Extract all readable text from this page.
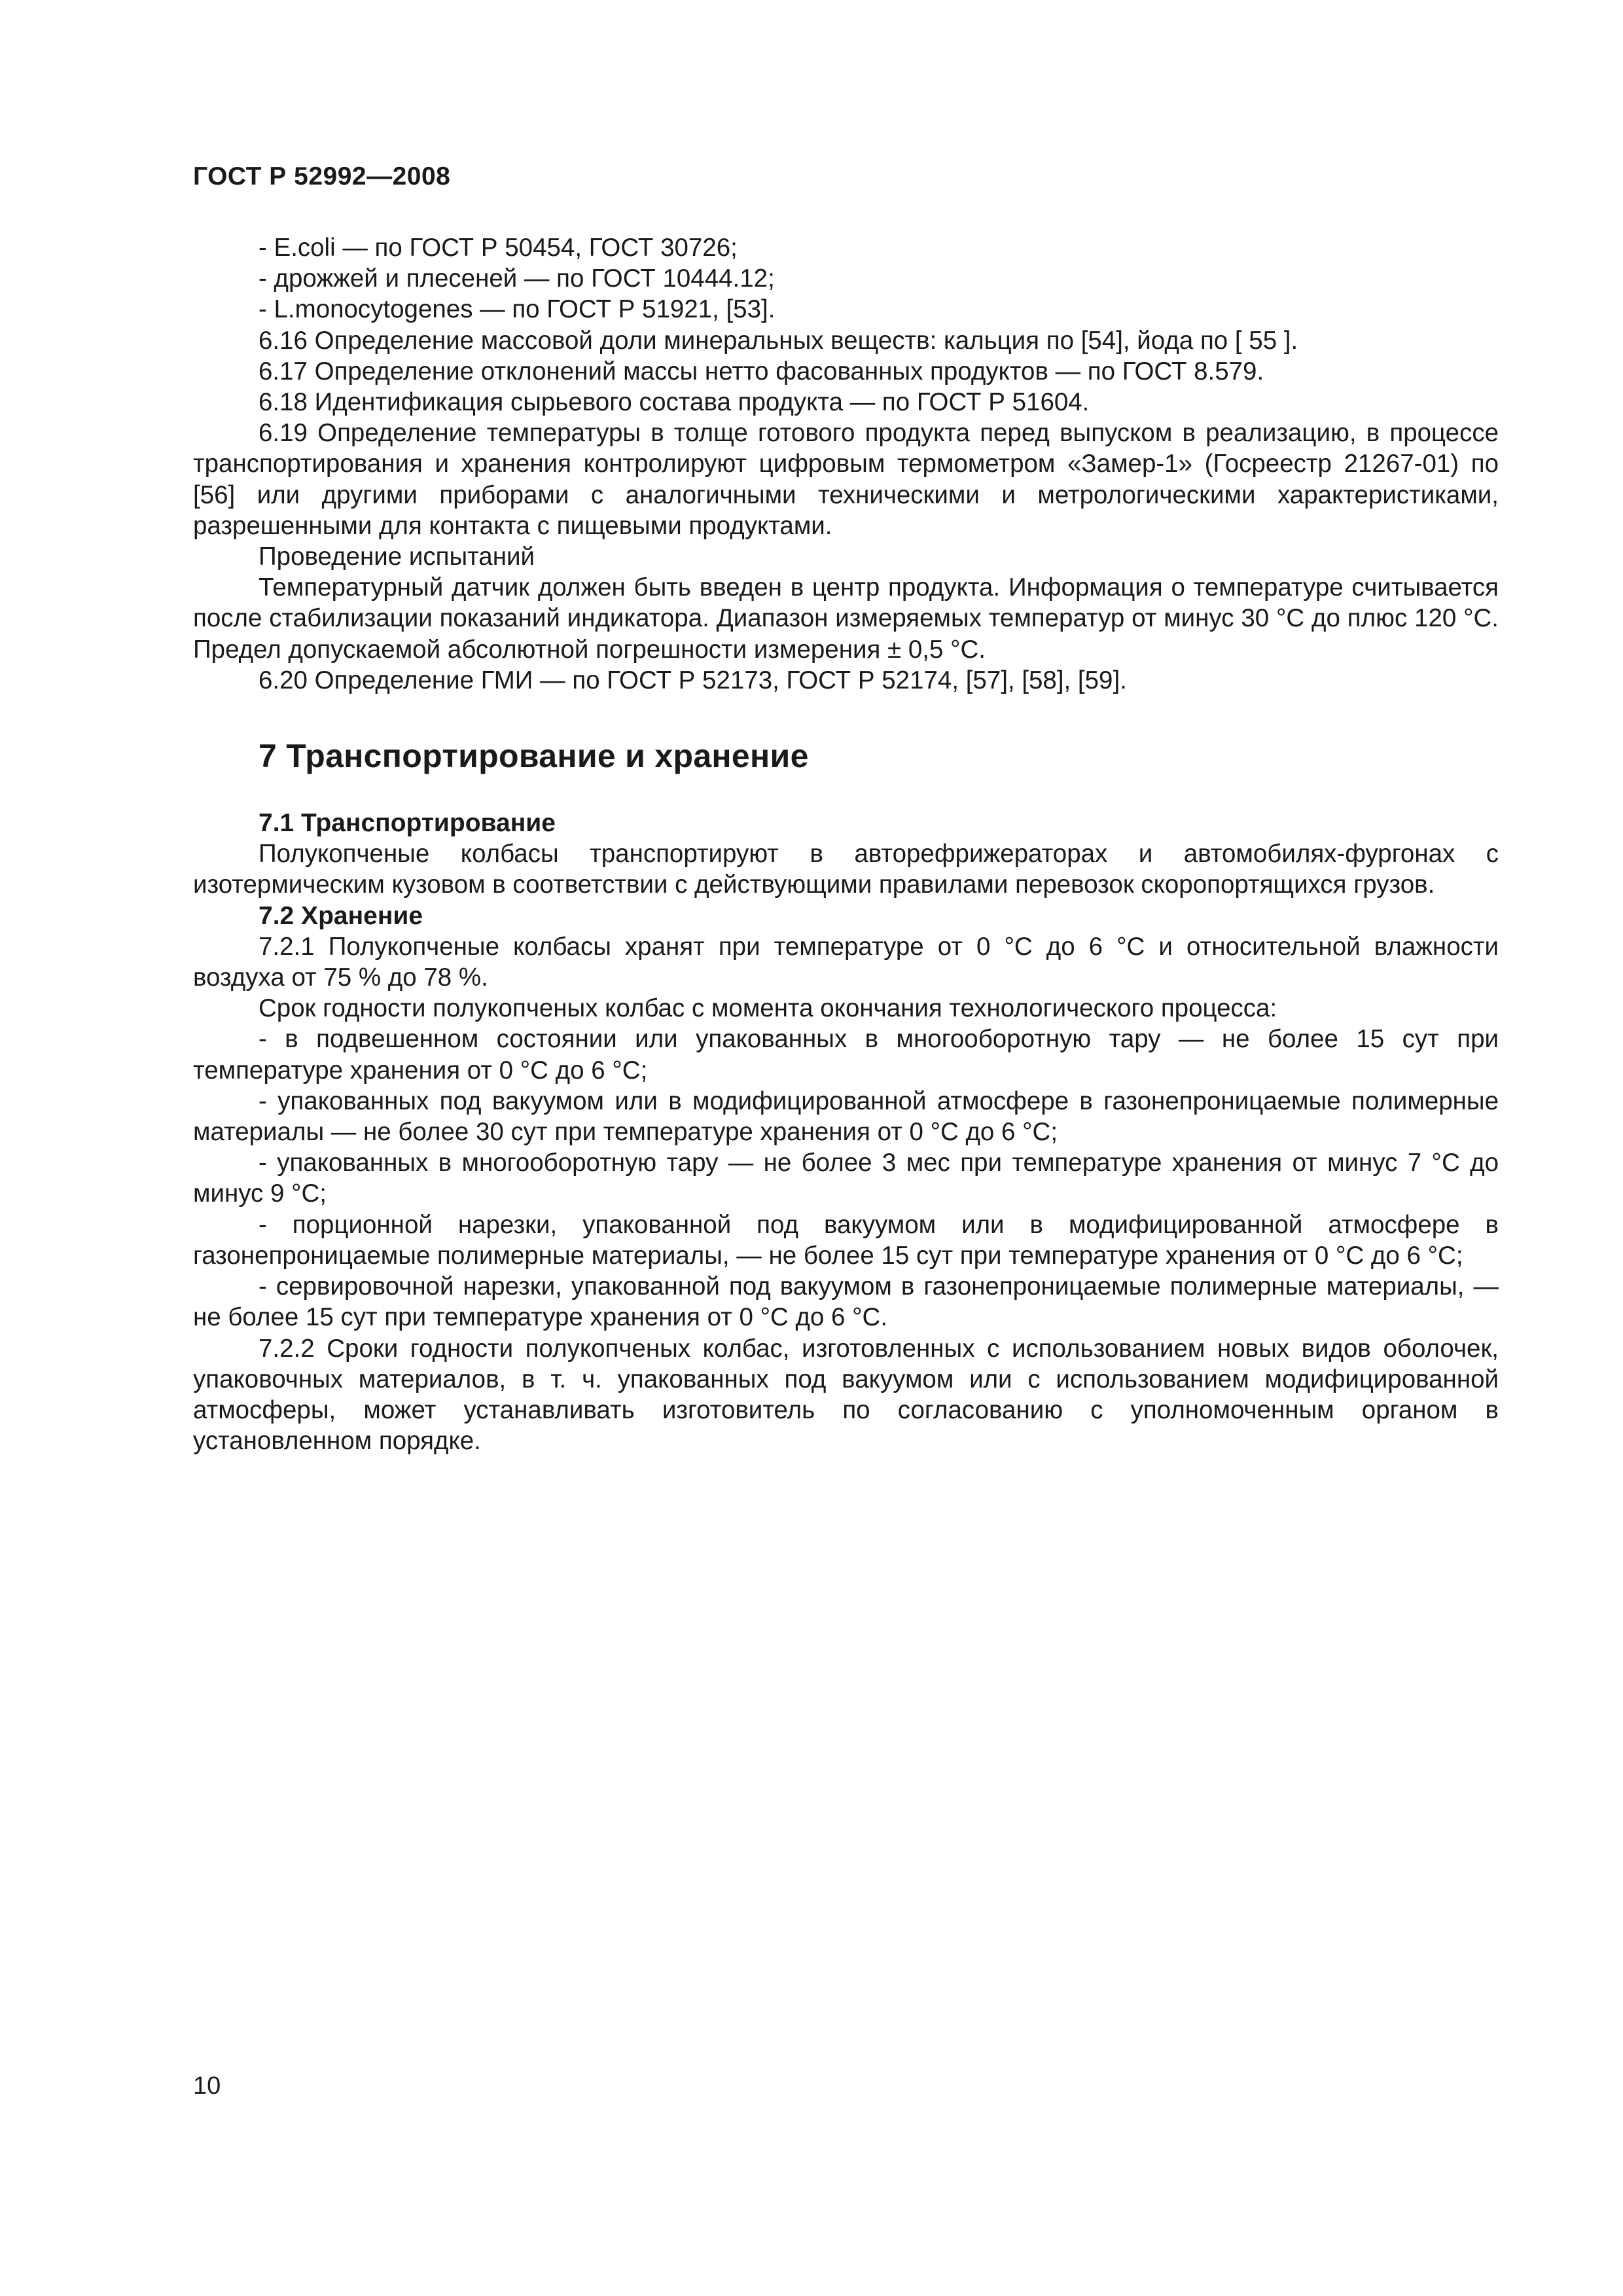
ГОСТ Р 52992—2008

- E.coli — по ГОСТ Р 50454, ГОСТ 30726;

- дрожжей и плесеней — по ГОСТ 10444.12;

- L.monocytogenes — по ГОСТ Р 51921, [53].

6.16 Определение массовой доли минеральных веществ: кальция по [54], йода по [ 55 ].

6.17 Определение отклонений массы нетто фасованных продуктов — по ГОСТ 8.579.

6.18 Идентификация сырьевого состава продукта — по ГОСТ Р 51604.

6.19 Определение температуры в толще готового продукта перед выпуском в реализацию, в процессе транспортирования и хранения контролируют цифровым термометром «Замер-1» (Госреестр 21267-01) по [56] или другими приборами с аналогичными техническими и метрологическими характеристиками, разрешенными для контакта с пищевыми продуктами.

Проведение испытаний

Температурный датчик должен быть введен в центр продукта. Информация о температуре считывается после стабилизации показаний индикатора. Диапазон измеряемых температур от минус 30 °С до плюс 120 °С. Предел допускаемой абсолютной погрешности измерения ± 0,5 °С.

6.20 Определение ГМИ — по ГОСТ Р 52173, ГОСТ Р 52174, [57], [58], [59].

7 Транспортирование и хранение
7.1 Транспортирование

Полукопченые колбасы транспортируют в авторефрижераторах и автомобилях-фургонах с изотермическим кузовом в соответствии с действующими правилами перевозок скоропортящихся грузов.

7.2 Хранение

7.2.1 Полукопченые колбасы хранят при температуре от 0 °С до 6 °С и относительной влажности воздуха от 75 % до 78 %.

Срок годности полукопченых колбас с момента окончания технологического процесса:

- в подвешенном состоянии или упакованных в многооборотную тару — не более 15 сут при температуре хранения от 0 °С до 6 °С;

- упакованных под вакуумом или в модифицированной атмосфере в газонепроницаемые полимерные материалы — не более 30 сут при температуре хранения от 0 °С до 6 °С;

- упакованных в многооборотную тару — не более 3 мес при температуре хранения от минус 7 °С до минус 9 °С;

- порционной нарезки, упакованной под вакуумом или в модифицированной атмосфере в газонепроницаемые полимерные материалы, — не более 15 сут при температуре хранения от 0 °С до 6 °С;

- сервировочной нарезки, упакованной под вакуумом в газонепроницаемые полимерные материалы, — не более 15 сут при температуре хранения от 0 °С до 6 °С.

7.2.2 Сроки годности полукопченых колбас, изготовленных с использованием новых видов оболочек, упаковочных материалов, в т. ч. упакованных под вакуумом или с использованием модифицированной атмосферы, может устанавливать изготовитель по согласованию с уполномоченным органом в установленном порядке.

10
